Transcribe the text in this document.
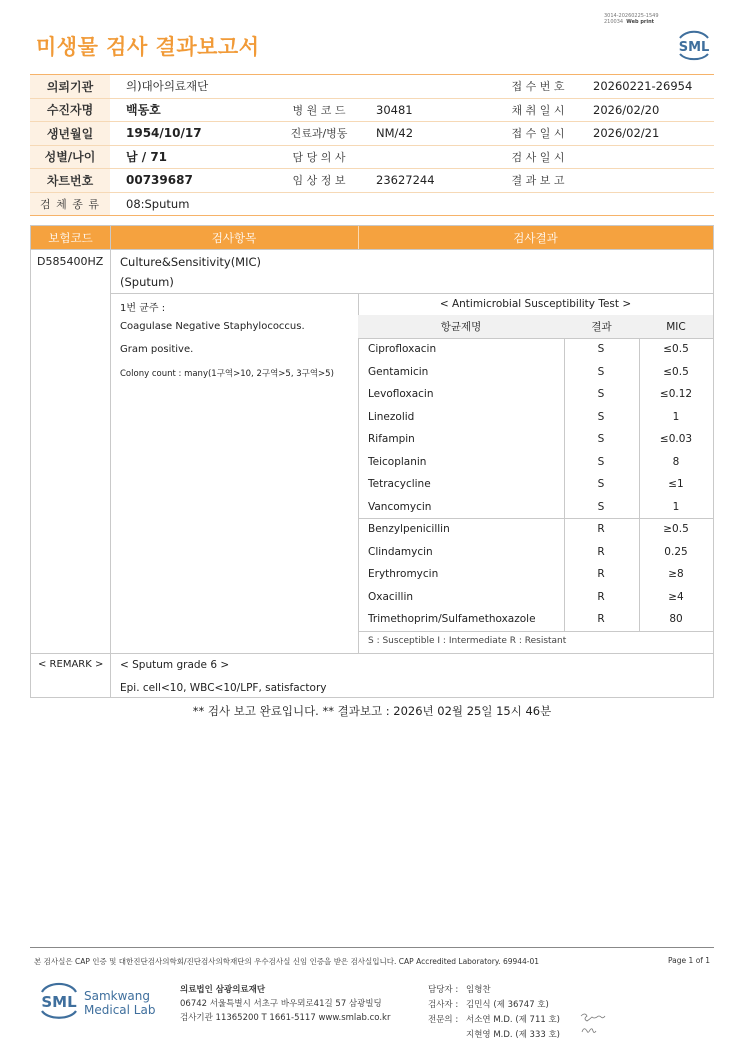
미생물 검사 결과보고서
3014-20260225-1549
210034 Web print
SML
의뢰기관	의)대아의료재단	접 수 번 호	20260221-26954
수진자명	백동호	병 원 코 드	30481	채 취 일 시	2026/02/20
생년월일	1954/10/17	진료과/병동	NM/42	접 수 일 시	2026/02/21
성별/나이	남 / 71	담 당 의 사	검 사 일 시
차트번호	00739687	임 상 정 보	23627244	결 과 보 고
검 체 종 류	08:Sputum
보험코드	검사항목	검사결과
D585400HZ Culture&Sensitivity(MIC)
(Sputum)
1번 균주 :
Coagulase Negative Staphylococcus.
Gram positive.
Colony count : many(1구역>10, 2구역>5, 3구역>5)
< Antimicrobial Susceptibility Test >
항균제명	결과	MIC
Ciprofloxacin	S	≤0.5
Gentamicin	S	≤0.5
Levofloxacin	S	≤0.12
Linezolid	S	1
Rifampin	S	≤0.03
Teicoplanin	S	8
Tetracycline	S	≤1
Vancomycin	S	1
Benzylpenicillin	R	≥0.5
Clindamycin	R	0.25
Erythromycin	R	≥8
Oxacillin	R	≥4
Trimethoprim/Sulfamethoxazole	R	80
S : Susceptible I : Intermediate R : Resistant
< REMARK > < Sputum grade 6 >
Epi. cell<10, WBC<10/LPF, satisfactory
** 검사 보고 완료입니다. ** 결과보고 : 2026년 02월 25일 15시 46분
본 검사실은 CAP 인증 및 대한진단검사의학회/진단검사의학재단의 우수검사실 신임 인증을 받은 검사실입니다. CAP Accredited Laboratory. 69944-01	Page 1 of 1
SML Samkwang
Medical Lab
의료법인 삼광의료재단
06742 서울특별시 서초구 바우뫼로41길 57 삼광빌딩
검사기관 11365200 T 1661-5117 www.smlab.co.kr
담당자 : 임형찬
검사자 : 김민식 (제 36747 호)
전문의 : 서소연 M.D. (제 711 호)
지현영 M.D. (제 333 호)
